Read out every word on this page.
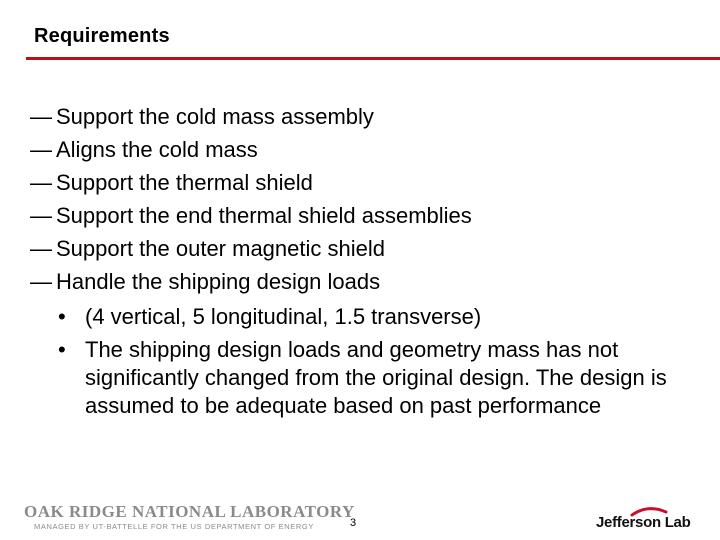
Requirements
— Support the cold mass assembly
— Aligns the cold mass
— Support the thermal shield
— Support the end thermal shield assemblies
— Support the outer magnetic shield
— Handle the shipping design loads
• (4 vertical, 5 longitudinal, 1.5 transverse)
• The shipping design loads and geometry mass has not significantly changed from the original design. The design is assumed to be adequate based on past performance
OAK RIDGE NATIONAL LABORATORY
MANAGED BY UT-BATTELLE FOR THE US DEPARTMENT OF ENERGY	3	Jefferson Lab
